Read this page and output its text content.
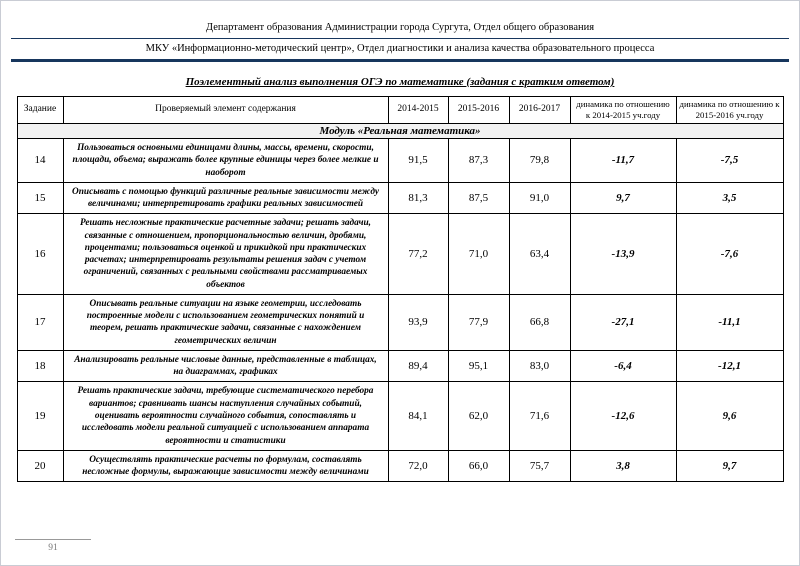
Департамент образования Администрации города Сургута, Отдел общего образования
МКУ «Информационно-методический центр», Отдел диагностики и анализа качества образовательного процесса
Поэлементный анализ выполнения ОГЭ по математике (задания с кратким ответом)
Задание	Проверяемый элемент содержания	2014-2015	2015-2016	2016-2017	динамика по отношению к 2014-2015 уч.году	динамика по отношению к 2015-2016 уч.году
Модуль «Реальная математика»						
14	Пользоваться основными единицами длины, массы, времени, скорости, площади, объема; выражать более крупные единицы через более мелкие и наоборот	91,5	87,3	79,8	-11,7	-7,5
15	Описывать с помощью функций различные реальные зависимости между величинами; интерпретировать графики реальных зависимостей	81,3	87,5	91,0	9,7	3,5
16	Решать несложные практические расчетные задачи; решать задачи, связанные с отношением, пропорциональностью величин, дробями, процентами; пользоваться оценкой и прикидкой при практических расчетах; интерпретировать результаты решения задач с учетом ограничений, связанных с реальными свойствами рассматриваемых объектов	77,2	71,0	63,4	-13,9	-7,6
17	Описывать реальные ситуации на языке геометрии, исследовать построенные модели с использованием геометрических понятий и теорем, решать практические задачи, связанные с нахождением геометрических величин	93,9	77,9	66,8	-27,1	-11,1
18	Анализировать реальные числовые данные, представленные в таблицах, на диаграммах, графиках	89,4	95,1	83,0	-6,4	-12,1
19	Решать практические задачи, требующие систематического перебора вариантов; сравнивать шансы наступления случайных событий, оценивать вероятности случайного события, сопоставлять и исследовать модели реальной ситуацией с использованием аппарата вероятности и статистики	84,1	62,0	71,6	-12,6	9,6
20	Осуществлять практические расчеты по формулам, составлять несложные формулы, выражающие зависимости между величинами	72,0	66,0	75,7	3,8	9,7
91
